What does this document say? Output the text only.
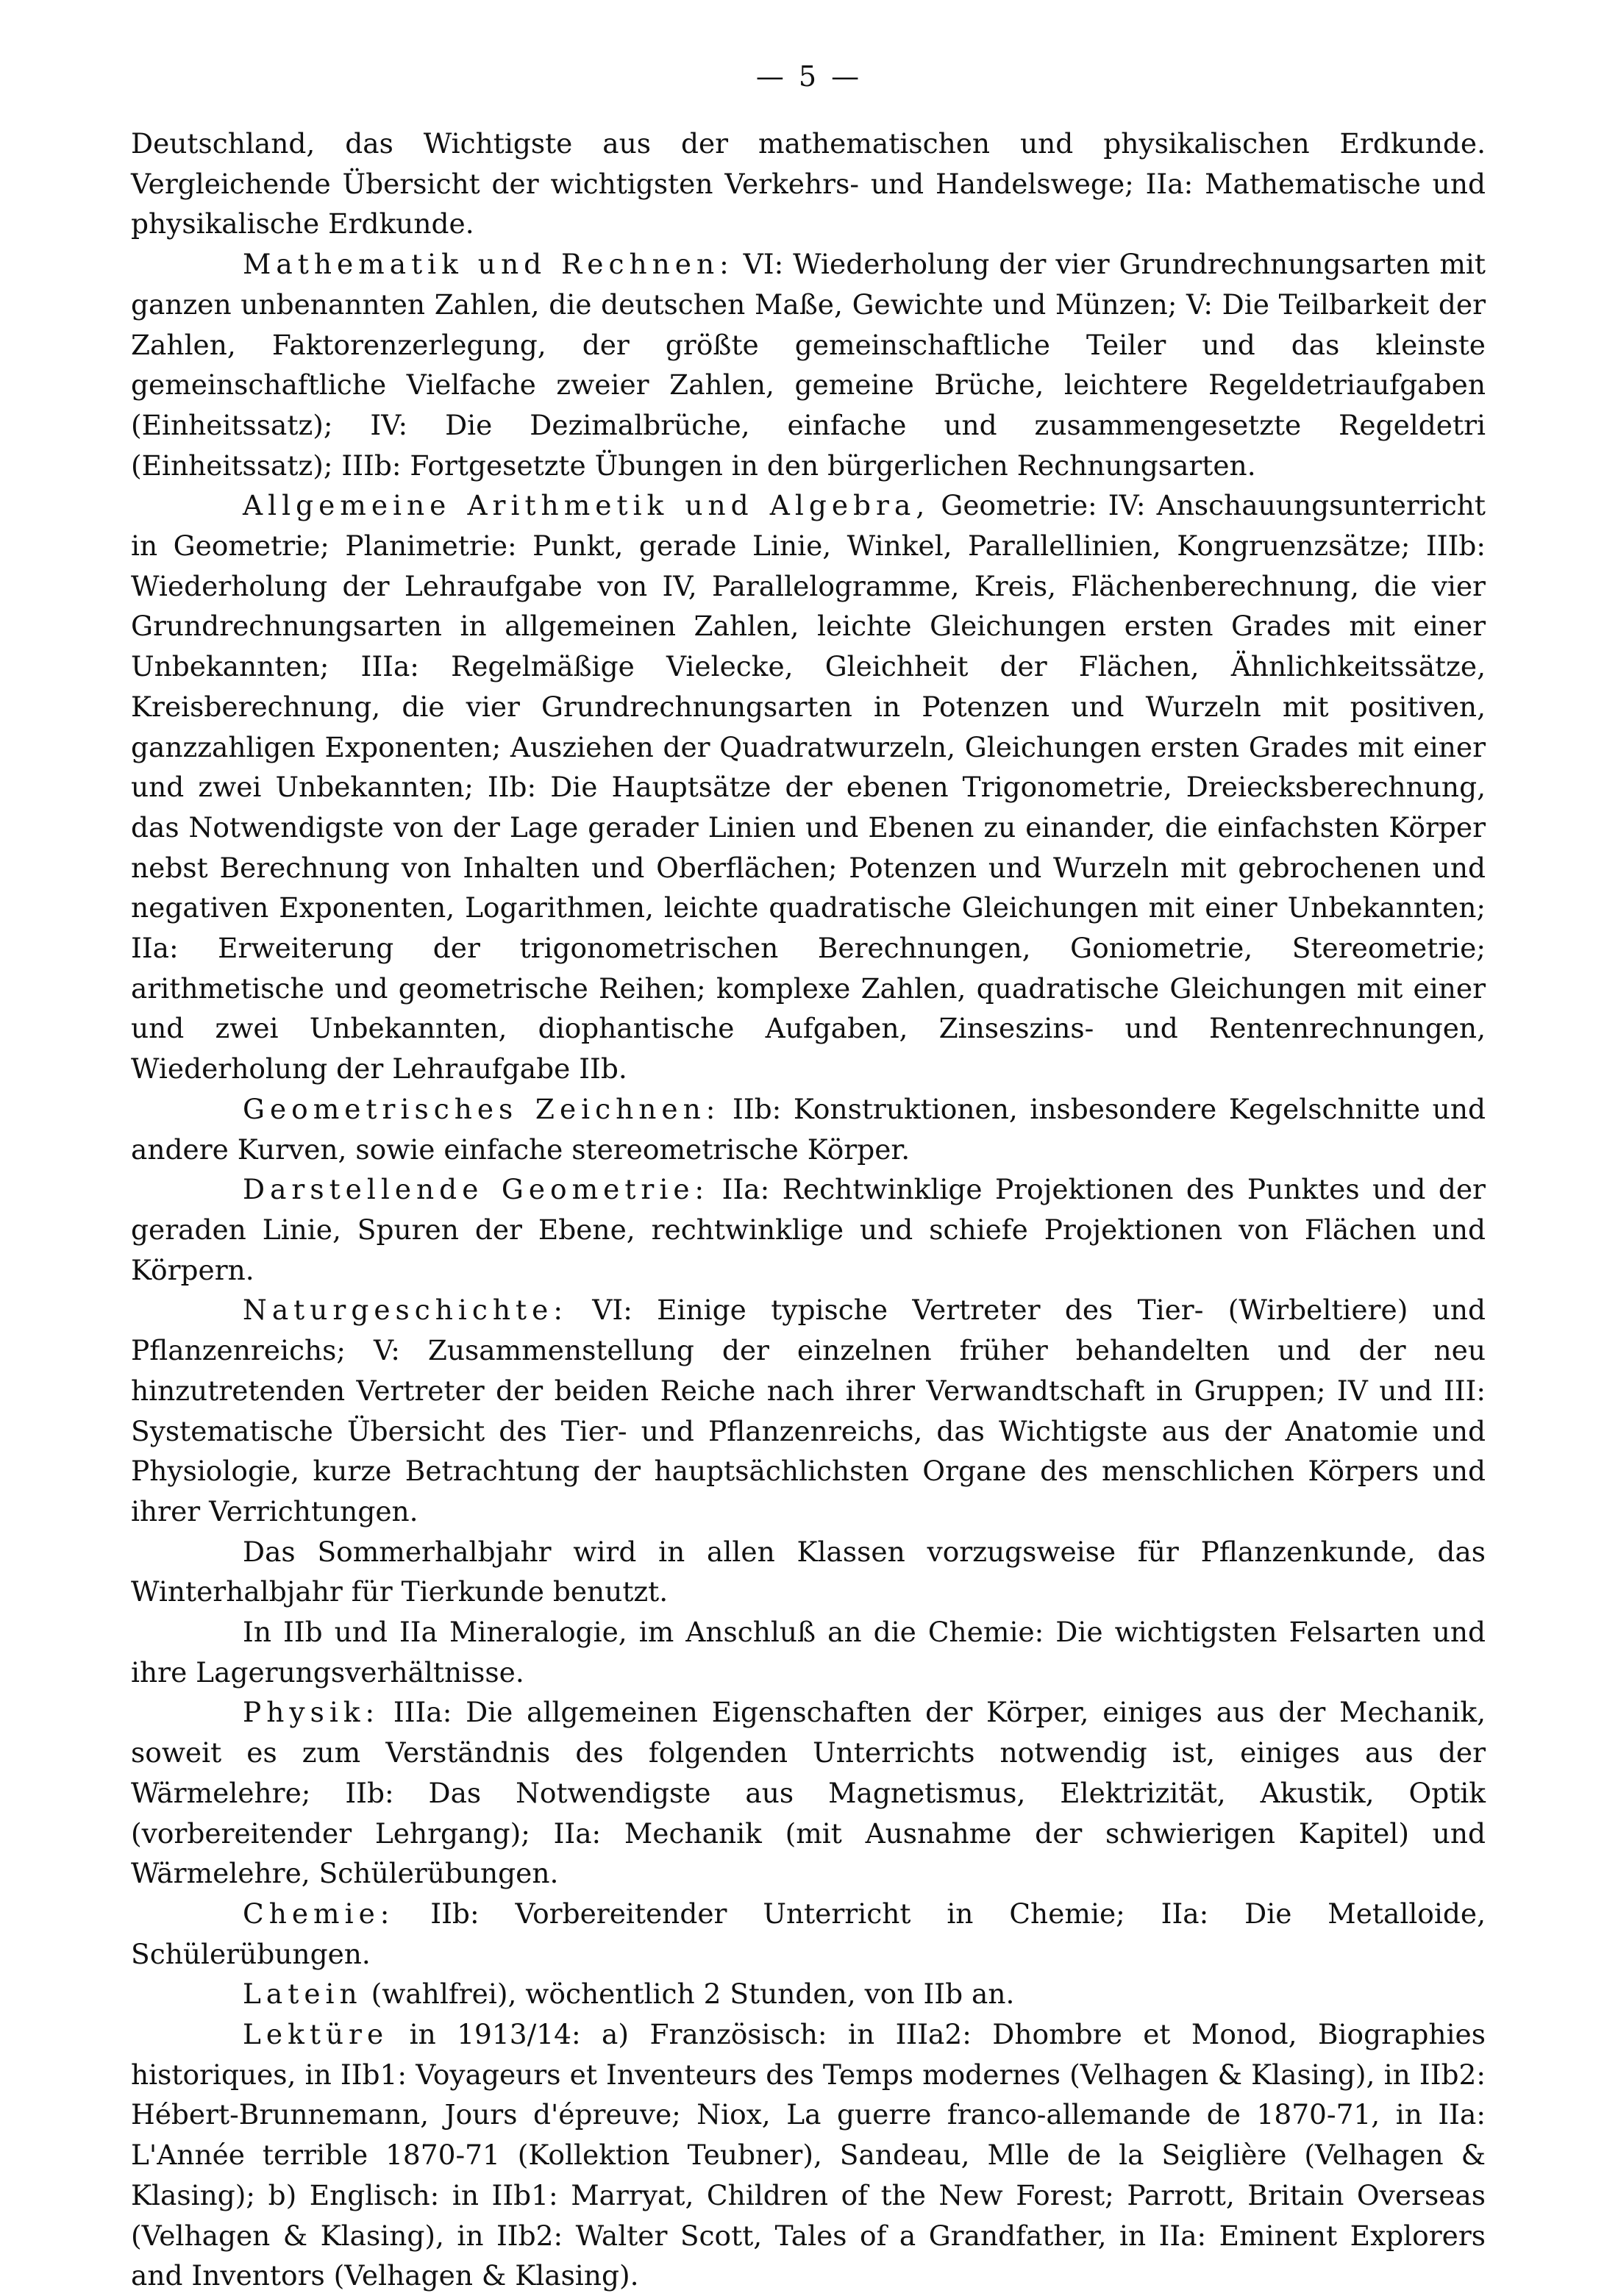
— 5 —

Deutschland, das Wichtigste aus der mathematischen und physikalischen Erdkunde. Vergleichende Übersicht der wichtigsten Verkehrs- und Handelswege; IIa: Mathematische und physikalische Erdkunde.

Mathematik und Rechnen: VI: Wiederholung der vier Grundrechnungsarten mit ganzen unbenannten Zahlen, die deutschen Maße, Gewichte und Münzen; V: Die Teilbarkeit der Zahlen, Faktorenzerlegung, der größte gemeinschaftliche Teiler und das kleinste gemeinschaftliche Vielfache zweier Zahlen, gemeine Brüche, leichtere Regeldetriaufgaben (Einheitssatz); IV: Die Dezimalbrüche, einfache und zusammengesetzte Regeldetri (Einheitssatz); IIIb: Fortgesetzte Übungen in den bürgerlichen Rechnungsarten.

Allgemeine Arithmetik und Algebra, Geometrie: IV: Anschauungsunterricht in Geometrie; Planimetrie: Punkt, gerade Linie, Winkel, Parallellinien, Kongruenzsätze; IIIb: Wiederholung der Lehraufgabe von IV, Parallelogramme, Kreis, Flächenberechnung, die vier Grundrechnungsarten in allgemeinen Zahlen, leichte Gleichungen ersten Grades mit einer Unbekannten; IIIa: Regelmäßige Vielecke, Gleichheit der Flächen, Ähnlichkeitssätze, Kreisberechnung, die vier Grundrechnungsarten in Potenzen und Wurzeln mit positiven, ganzzahligen Exponenten; Ausziehen der Quadratwurzeln, Gleichungen ersten Grades mit einer und zwei Unbekannten; IIb: Die Hauptsätze der ebenen Trigonometrie, Dreiecksberechnung, das Notwendigste von der Lage gerader Linien und Ebenen zu einander, die einfachsten Körper nebst Berechnung von Inhalten und Oberflächen; Potenzen und Wurzeln mit gebrochenen und negativen Exponenten, Logarithmen, leichte quadratische Gleichungen mit einer Unbekannten; IIa: Erweiterung der trigonometrischen Berechnungen, Goniometrie, Stereometrie; arithmetische und geometrische Reihen; komplexe Zahlen, quadratische Gleichungen mit einer und zwei Unbekannten, diophantische Aufgaben, Zinseszins- und Rentenrechnungen, Wiederholung der Lehraufgabe IIb.

Geometrisches Zeichnen: IIb: Konstruktionen, insbesondere Kegelschnitte und andere Kurven, sowie einfache stereometrische Körper.

Darstellende Geometrie: IIa: Rechtwinklige Projektionen des Punktes und der geraden Linie, Spuren der Ebene, rechtwinklige und schiefe Projektionen von Flächen und Körpern.

Naturgeschichte: VI: Einige typische Vertreter des Tier- (Wirbeltiere) und Pflanzenreichs; V: Zusammenstellung der einzelnen früher behandelten und der neu hinzutretenden Vertreter der beiden Reiche nach ihrer Verwandtschaft in Gruppen; IV und III: Systematische Übersicht des Tier- und Pflanzenreichs, das Wichtigste aus der Anatomie und Physiologie, kurze Betrachtung der hauptsächlichsten Organe des menschlichen Körpers und ihrer Verrichtungen.

Das Sommerhalbjahr wird in allen Klassen vorzugsweise für Pflanzenkunde, das Winterhalbjahr für Tierkunde benutzt.

In IIb und IIa Mineralogie, im Anschluß an die Chemie: Die wichtigsten Felsarten und ihre Lagerungsverhältnisse.

Physik: IIIa: Die allgemeinen Eigenschaften der Körper, einiges aus der Mechanik, soweit es zum Verständnis des folgenden Unterrichts notwendig ist, einiges aus der Wärmelehre; IIb: Das Notwendigste aus Magnetismus, Elektrizität, Akustik, Optik (vorbereitender Lehrgang); IIa: Mechanik (mit Ausnahme der schwierigen Kapitel) und Wärmelehre, Schülerübungen.

Chemie: IIb: Vorbereitender Unterricht in Chemie; IIa: Die Metalloide, Schülerübungen.

Latein (wahlfrei), wöchentlich 2 Stunden, von IIb an.

Lektüre in 1913/14: a) Französisch: in IIIa2: Dhombre et Monod, Biographies historiques, in IIb1: Voyageurs et Inventeurs des Temps modernes (Velhagen & Klasing), in IIb2: Hébert-Brunnemann, Jours d'épreuve; Niox, La guerre franco-allemande de 1870-71, in IIa: L'Année terrible 1870-71 (Kollektion Teubner), Sandeau, Mlle de la Seiglière (Velhagen & Klasing); b) Englisch: in IIb1: Marryat, Children of the New Forest; Parrott, Britain Overseas (Velhagen & Klasing), in IIb2: Walter Scott, Tales of a Grandfather, in IIa: Eminent Explorers and Inventors (Velhagen & Klasing).
